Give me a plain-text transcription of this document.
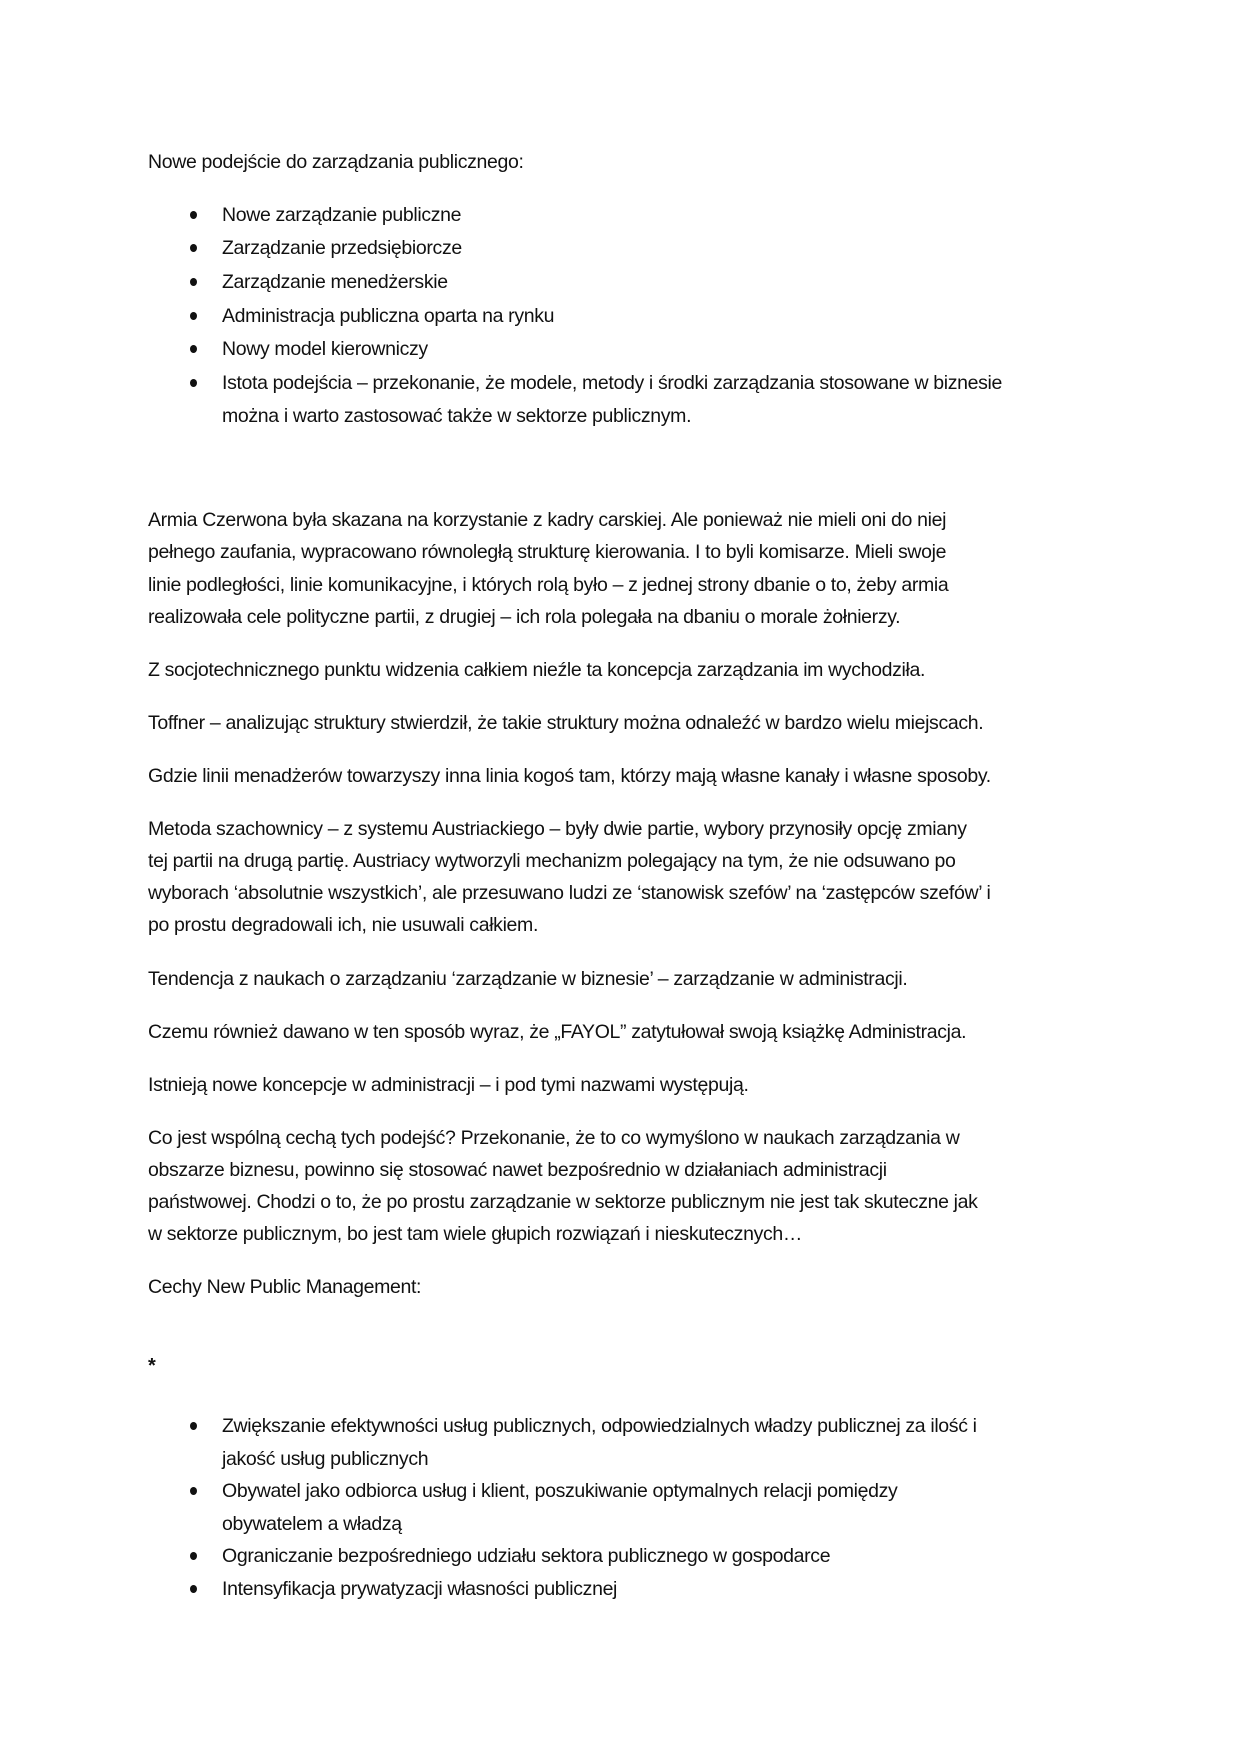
Nowe podejście do zarządzania publicznego:
Nowe zarządzanie publiczne
Zarządzanie przedsiębiorcze
Zarządzanie menedżerskie
Administracja publiczna oparta na rynku
Nowy model kierowniczy
Istota podejścia – przekonanie, że modele, metody i środki zarządzania stosowane w biznesie
można i warto zastosować także w sektorze publicznym.
Armia Czerwona była skazana na korzystanie z kadry carskiej. Ale ponieważ nie mieli oni do niej
pełnego zaufania, wypracowano równoległą strukturę kierowania. I to byli komisarze. Mieli swoje
linie podległości, linie komunikacyjne, i których rolą było – z jednej strony dbanie o to, żeby armia
realizowała cele polityczne partii, z drugiej – ich rola polegała na dbaniu o morale żołnierzy.
Z socjotechnicznego punktu widzenia całkiem nieźle ta koncepcja zarządzania im wychodziła.
Toffner – analizując struktury stwierdził, że takie struktury można odnaleźć w bardzo wielu miejscach.
Gdzie linii menadżerów towarzyszy inna linia kogoś tam, którzy mają własne kanały i własne sposoby.
Metoda szachownicy – z systemu Austriackiego – były dwie partie, wybory przynosiły opcję zmiany
tej partii na drugą partię. Austriacy wytworzyli mechanizm polegający na tym, że nie odsuwano po
wyborach ‘absolutnie wszystkich’, ale przesuwano ludzi ze ‘stanowisk szefów’ na ‘zastępców szefów’ i
po prostu degradowali ich, nie usuwali całkiem.
Tendencja z naukach o zarządzaniu ‘zarządzanie w biznesie’ – zarządzanie w administracji.
Czemu również dawano w ten sposób wyraz, że „FAYOL” zatytułował swoją książkę Administracja.
Istnieją nowe koncepcje w administracji – i pod tymi nazwami występują.
Co jest wspólną cechą tych podejść? Przekonanie, że to co wymyślono w naukach zarządzania w
obszarze biznesu, powinno się stosować nawet bezpośrednio w działaniach administracji
państwowej. Chodzi o to, że po prostu zarządzanie w sektorze publicznym nie jest tak skuteczne jak
w sektorze publicznym, bo jest tam wiele głupich rozwiązań i nieskutecznych…
Cechy New Public Management:
*
Zwiększanie efektywności usług publicznych, odpowiedzialnych władzy publicznej za ilość i
jakość usług publicznych
Obywatel jako odbiorca usług i klient, poszukiwanie optymalnych relacji pomiędzy
obywatelem a władzą
Ograniczanie bezpośredniego udziału sektora publicznego w gospodarce
Intensyfikacja prywatyzacji własności publicznej
